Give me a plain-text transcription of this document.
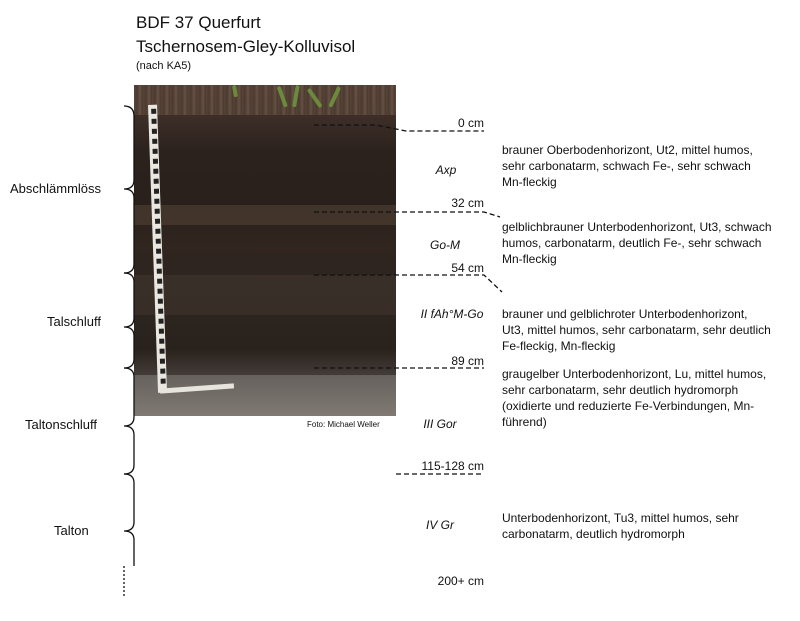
BDF 37 Querfurt
Tschernosem-Gley-Kolluvisol
(nach KA5)
Foto: Michael Weller
Abschlämmlöss
Talschluff
Taltonschluff
Talton
0 cm
32 cm
54 cm
89 cm
115-128 cm
200+ cm
Axp
Go-M
II fAh°M-Go
III Gor
IV Gr
brauner Oberbodenhorizont, Ut2, mittel humos, sehr carbonatarm, schwach Fe-, sehr schwach Mn-fleckig
gelblichbrauner Unterbodenhorizont, Ut3, schwach humos, carbonatarm, deutlich Fe-, sehr schwach Mn-fleckig
brauner und gelblichroter Unterbodenhorizont, Ut3, mittel humos, sehr carbonatarm, sehr deutlich Fe-fleckig, Mn-fleckig
graugelber Unterbodenhorizont, Lu, mittel humos, sehr carbonatarm, sehr deutlich hydromorph (oxidierte und reduzierte Fe-Verbindungen, Mn-führend)
Unterbodenhorizont, Tu3, mittel humos, sehr carbonatarm, deutlich hydromorph
